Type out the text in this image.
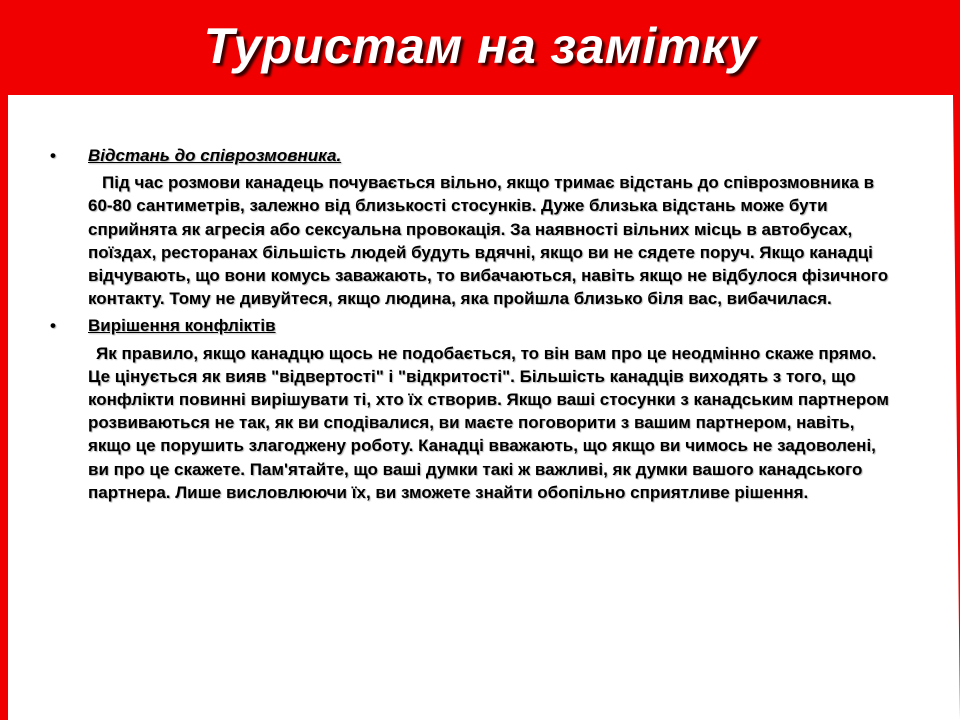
Туристам на замітку
• Відстань до співрозмовника.

Під час розмови канадець почувається вільно, якщо тримає відстань до співрозмовника в 60-80 сантиметрів, залежно від близькості стосунків. Дуже близька відстань може бути сприйнята як агресія або сексуальна провокація. За наявності вільних місць в автобусах, поїздах, ресторанах більшість людей будуть вдячні, якщо ви не сядете поруч. Якщо канадці відчувають, що вони комусь заважають, то вибачаються, навіть якщо не відбулося фізичного контакту. Тому не дивуйтеся, якщо людина, яка пройшла близько біля вас, вибачилася.

• Вирішення конфліктів

Як правило, якщо канадцю щось не подобається, то він вам про це неодмінно скаже прямо. Це цінується як вияв "відвертості" і "відкритості". Більшість канадців виходять з того, що конфлікти повинні вирішувати ті, хто їх створив. Якщо ваші стосунки з канадським партнером розвиваються не так, як ви сподівалися, ви маєте поговорити з вашим партнером, навіть, якщо це порушить злагоджену роботу. Канадці вважають, що якщо ви чимось не задоволені, ви про це скажете. Пам'ятайте, що ваші думки такі ж важливі, як думки вашого канадського партнера. Лише висловлюючи їх, ви зможете знайти обопільно сприятливе рішення.
